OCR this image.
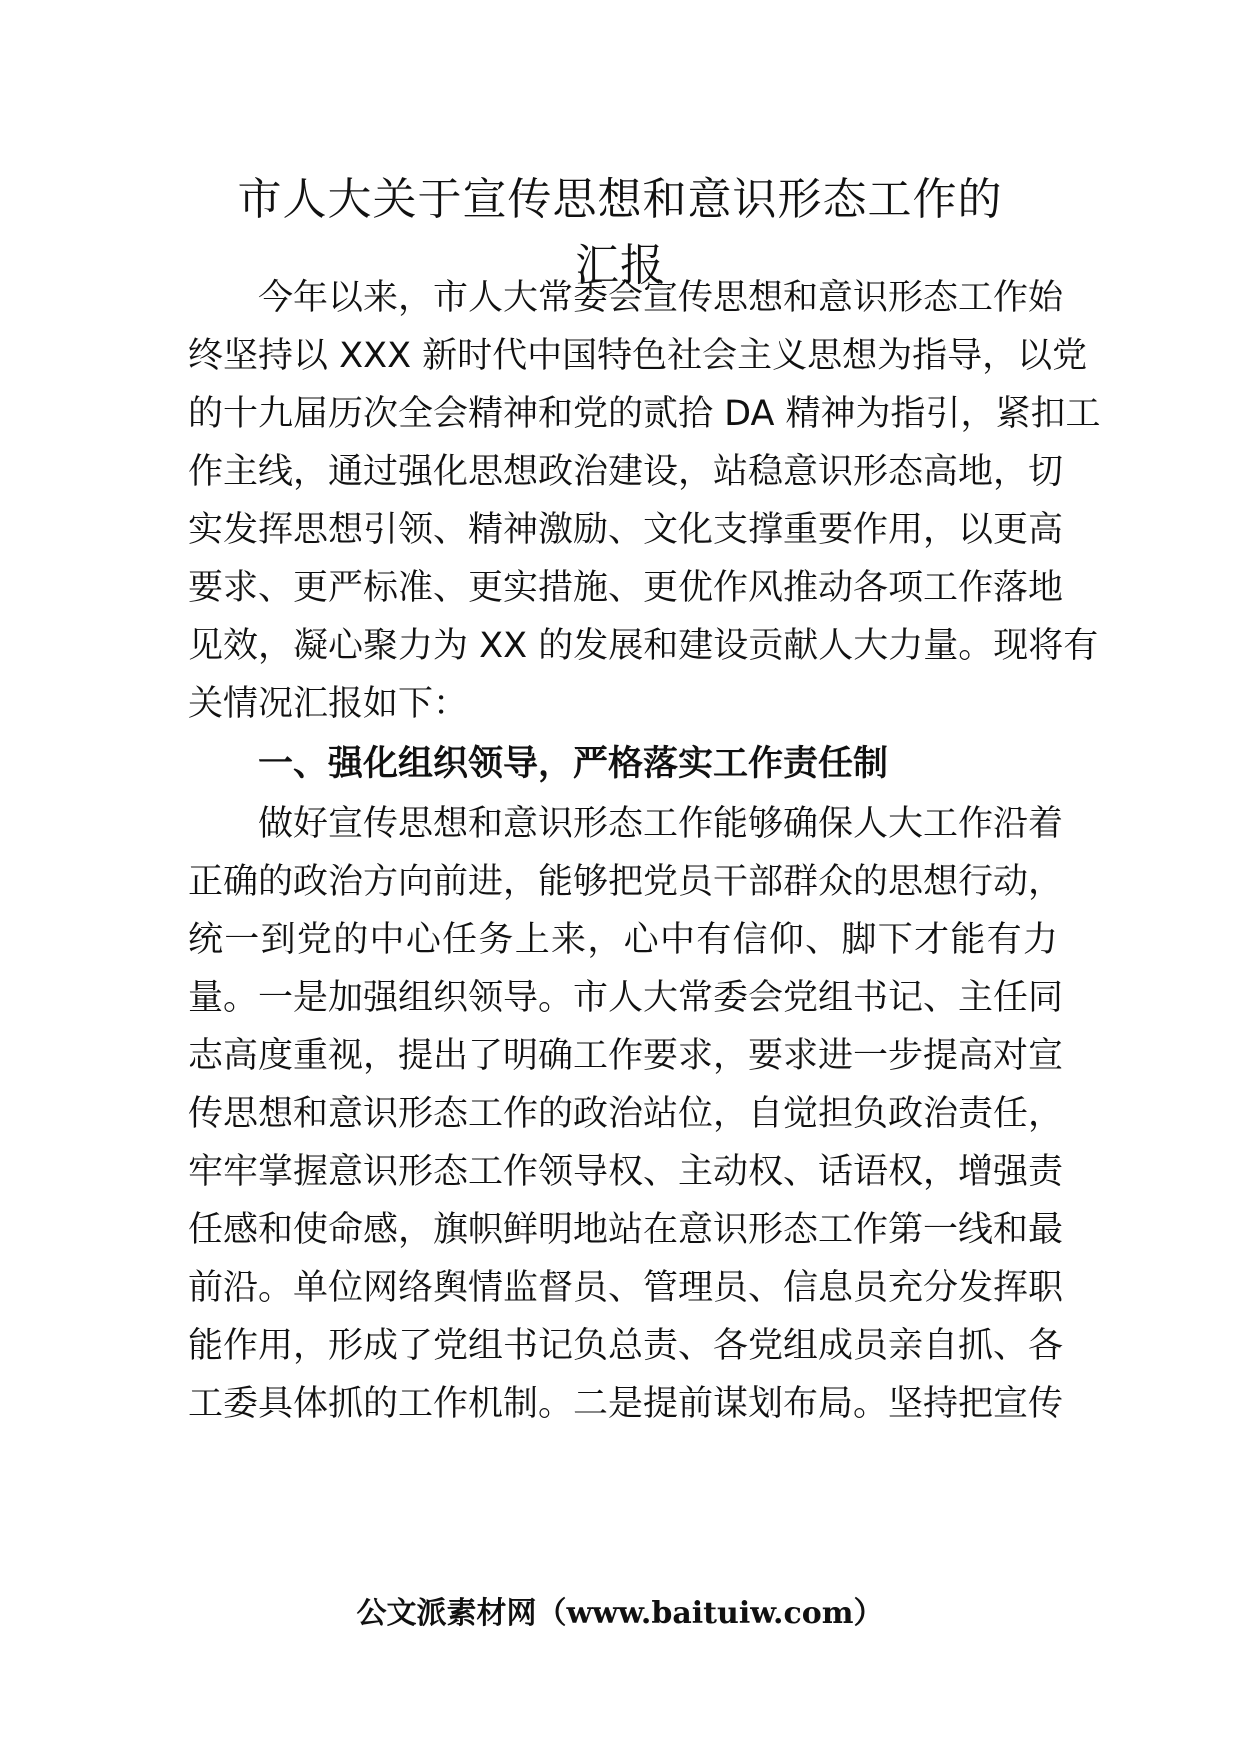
市人大关于宣传思想和意识形态工作的
汇报
今年以来，市人大常委会宣传思想和意识形态工作始
终坚持以 XXX 新时代中国特色社会主义思想为指导，以党
的十九届历次全会精神和党的贰拾 DA 精神为指引，紧扣工
作主线，通过强化思想政治建设，站稳意识形态高地，切
实发挥思想引领、精神激励、文化支撑重要作用，以更高
要求、更严标准、更实措施、更优作风推动各项工作落地
见效，凝心聚力为 XX 的发展和建设贡献人大力量。现将有
关情况汇报如下：
一、强化组织领导，严格落实工作责任制
做好宣传思想和意识形态工作能够确保人大工作沿着
正确的政治方向前进，能够把党员干部群众的思想行动，
统一到党的中心任务上来，心中有信仰、脚下才能有力
量。一是加强组织领导。市人大常委会党组书记、主任同
志高度重视，提出了明确工作要求，要求进一步提高对宣
传思想和意识形态工作的政治站位，自觉担负政治责任，
牢牢掌握意识形态工作领导权、主动权、话语权，增强责
任感和使命感，旗帜鲜明地站在意识形态工作第一线和最
前沿。单位网络舆情监督员、管理员、信息员充分发挥职
能作用，形成了党组书记负总责、各党组成员亲自抓、各
工委具体抓的工作机制。二是提前谋划布局。坚持把宣传
公文派素材网（www.baituiw.com）
